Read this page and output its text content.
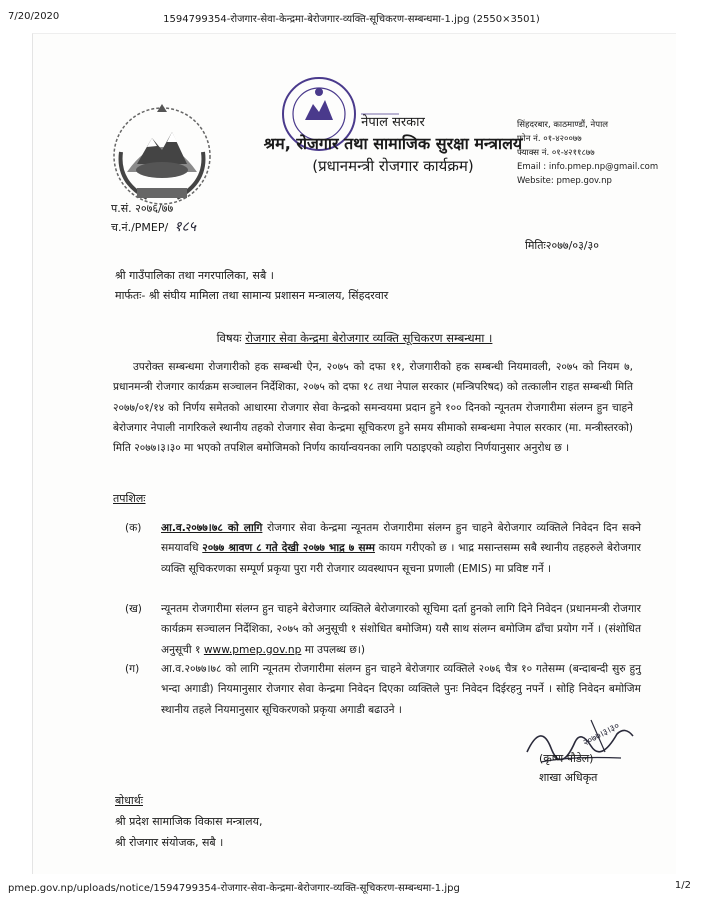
7/20/2020	1594799354-रोजगार-सेवा-केन्द्रमा-बेरोजगार-व्यक्ति-सूचिकरण-सम्बन्धमा-1.jpg (2550×3501)
नेपाल सरकार
श्रम, रोजगार तथा सामाजिक सुरक्षा मन्त्रालय
(प्रधानमन्त्री रोजगार कार्यक्रम)
सिंहदरबार, काठमाण्डौं, नेपाल
फोन नं. ०१-४२००७७
फ्याक्स नं. ०१-४२११८७७
Email : info.pmep.np@gmail.com
Website: pmep.gov.np
प.सं. २०७६/७७
च.नं./PMEP/ १८५
मितिः२०७७/०३/३०
श्री गाउँपालिका तथा नगरपालिका, सबै ।
मार्फतः- श्री संघीय मामिला तथा सामान्य प्रशासन मन्त्रालय, सिंहदरवार
विषयः रोजगार सेवा केन्द्रमा बेरोजगार व्यक्ति सूचिकरण सम्बन्धमा ।
उपरोक्त सम्बन्धमा रोजगारीको हक सम्बन्धी ऐन, २०७५ को दफा ११, रोजगारीको हक सम्बन्धी नियमावली, २०७५ को नियम ७, प्रधानमन्त्री रोजगार कार्यक्रम सञ्चालन निर्देशिका, २०७५ को दफा १८ तथा नेपाल सरकार (मन्त्रिपरिषद) को तत्कालीन राहत सम्बन्धी मिति २०७७/०१/१४ को निर्णय समेतको आधारमा रोजगार सेवा केन्द्रको समन्वयमा प्रदान हुने १०० दिनको न्यूनतम रोजगारीमा संलग्न हुन चाहने बेरोजगार नेपाली नागरिकले स्थानीय तहको रोजगार सेवा केन्द्रमा सूचिकरण हुने समय सीमाको सम्बन्धमा नेपाल सरकार (मा. मन्त्रीस्तरको) मिति २०७७।३।३० मा भएको तपशिल बमोजिमको निर्णय कार्यान्वयनका लागि पठाइएको व्यहोरा निर्णयानुसार अनुरोध छ ।
तपशिलः
(क) आ.व.२०७७।७८ को लागि रोजगार सेवा केन्द्रमा न्यूनतम रोजगारीमा संलग्न हुन चाहने बेरोजगार व्यक्तिले निवेदन दिन सक्ने समयावधि २०७७ श्रावण ८ गते देखी २०७७ भाद्र ७ सम्म कायम गरीएको छ । भाद्र मसान्तसम्म सबै स्थानीय तहहरुले बेरोजगार व्यक्ति सूचिकरणका सम्पूर्ण प्रकृया पुरा गरी रोजगार व्यवस्थापन सूचना प्रणाली (EMIS) मा प्रविष्ट गर्ने ।
(ख) न्यूनतम रोजगारीमा संलग्न हुन चाहने बेरोजगार व्यक्तिले बेरोजगारको सूचिमा दर्ता हुनको लागि दिने निवेदन (प्रधानमन्त्री रोजगार कार्यक्रम सञ्चालन निर्देशिका, २०७५ को अनुसूची १ संशोधित बमोजिम) यसै साथ संलग्न बमोजिम ढाँचा प्रयोग गर्ने । (संशोधित अनुसूची १ www.pmep.gov.np मा उपलब्ध छ।)
(ग) आ.व.२०७७।७८ को लागि न्यूनतम रोजगारीमा संलग्न हुन चाहने बेरोजगार व्यक्तिले २०७६ चैत्र १० गतेसम्म (बन्दाबन्दी सुरु हुनु भन्दा अगाडी) नियमानुसार रोजगार सेवा केन्द्रमा निवेदन दिएका व्यक्तिले पुनः निवेदन दिईरहनु नपर्ने । सोहि निवेदन बमोजिम स्थानीय तहले नियमानुसार सूचिकरणको प्रकृया अगाडी बढाउने ।
२०७७।३।३०
(कृष्ण पौडेल)
शाखा अधिकृत
बोधार्थः
श्री प्रदेश सामाजिक विकास मन्त्रालय,
श्री रोजगार संयोजक, सबै ।
pmep.gov.np/uploads/notice/1594799354-रोजगार-सेवा-केन्द्रमा-बेरोजगार-व्यक्ति-सूचिकरण-सम्बन्धमा-1.jpg	1/2
